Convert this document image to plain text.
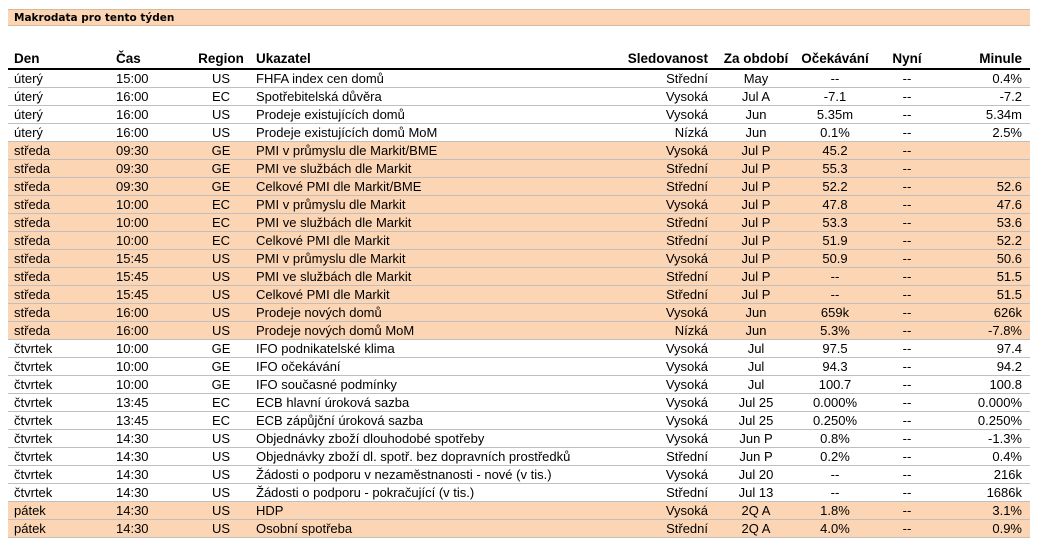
Makrodata pro tento týden
Den	Čas	Region	Ukazatel	Sledovanost	Za období	Očekávání	Nyní	Minule
úterý	15:00	US	FHFA index cen domů	Střední	May	--	--	0.4%
úterý	16:00	EC	Spotřebitelská důvěra	Vysoká	Jul A	-7.1	--	-7.2
úterý	16:00	US	Prodeje existujících domů	Vysoká	Jun	5.35m	--	5.34m
úterý	16:00	US	Prodeje existujících domů MoM	Nízká	Jun	0.1%	--	2.5%
středa	09:30	GE	PMI v průmyslu dle Markit/BME	Vysoká	Jul P	45.2	--	
středa	09:30	GE	PMI ve službách dle Markit	Střední	Jul P	55.3	--	
středa	09:30	GE	Celkové PMI dle Markit/BME	Střední	Jul P	52.2	--	52.6
středa	10:00	EC	PMI v průmyslu dle Markit	Vysoká	Jul P	47.8	--	47.6
středa	10:00	EC	PMI ve službách dle Markit	Střední	Jul P	53.3	--	53.6
středa	10:00	EC	Celkové PMI dle Markit	Střední	Jul P	51.9	--	52.2
středa	15:45	US	PMI v průmyslu dle Markit	Vysoká	Jul P	50.9	--	50.6
středa	15:45	US	PMI ve službách dle Markit	Střední	Jul P	--	--	51.5
středa	15:45	US	Celkové PMI dle Markit	Střední	Jul P	--	--	51.5
středa	16:00	US	Prodeje nových domů	Vysoká	Jun	659k	--	626k
středa	16:00	US	Prodeje nových domů MoM	Nízká	Jun	5.3%	--	-7.8%
čtvrtek	10:00	GE	IFO podnikatelské klima	Vysoká	Jul	97.5	--	97.4
čtvrtek	10:00	GE	IFO očekávání	Vysoká	Jul	94.3	--	94.2
čtvrtek	10:00	GE	IFO současné podmínky	Vysoká	Jul	100.7	--	100.8
čtvrtek	13:45	EC	ECB hlavní úroková sazba	Vysoká	Jul 25	0.000%	--	0.000%
čtvrtek	13:45	EC	ECB zápůjční úroková sazba	Vysoká	Jul 25	0.250%	--	0.250%
čtvrtek	14:30	US	Objednávky zboží dlouhodobé spotřeby	Vysoká	Jun P	0.8%	--	-1.3%
čtvrtek	14:30	US	Objednávky zboží dl. spotř. bez dopravních prostředků	Střední	Jun P	0.2%	--	0.4%
čtvrtek	14:30	US	Žádosti o podporu v nezaměstnanosti - nové (v tis.)	Vysoká	Jul 20	--	--	216k
čtvrtek	14:30	US	Žádosti o podporu - pokračující (v tis.)	Střední	Jul 13	--	--	1686k
pátek	14:30	US	HDP	Vysoká	2Q A	1.8%	--	3.1%
pátek	14:30	US	Osobní spotřeba	Střední	2Q A	4.0%	--	0.9%
